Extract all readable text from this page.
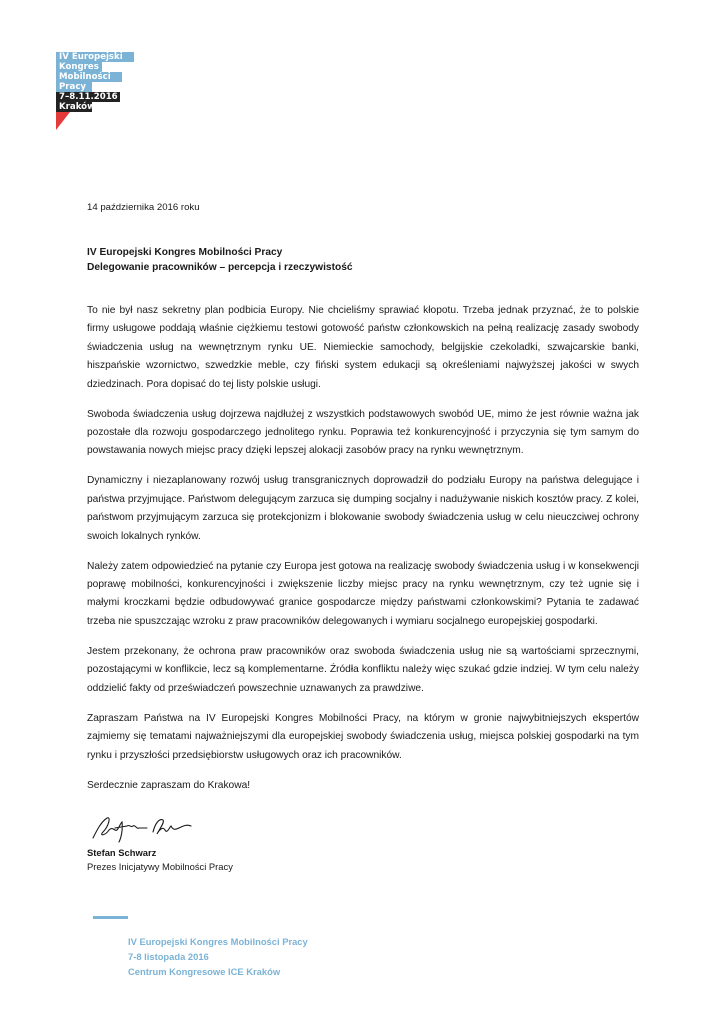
IV Europejski
Kongres
Mobilności
Pracy
7–8.11.2016
Kraków
14 października 2016 roku
IV Europejski Kongres Mobilności Pracy
Delegowanie pracowników – percepcja i rzeczywistość

To nie był nasz sekretny plan podbicia Europy. Nie chcieliśmy sprawiać kłopotu. Trzeba jednak przyznać, że to polskie firmy usługowe poddają właśnie ciężkiemu testowi gotowość państw członkowskich na pełną realizację zasady swobody świadczenia usług na wewnętrznym rynku UE. Niemieckie samochody, belgijskie czekoladki, szwajcarskie banki, hiszpańskie wzornictwo, szwedzkie meble, czy fiński system edukacji są określeniami najwyższej jakości w swych dziedzinach. Pora dopisać do tej listy polskie usługi.

Swoboda świadczenia usług dojrzewa najdłużej z wszystkich podstawowych swobód UE, mimo że jest równie ważna jak pozostałe dla rozwoju gospodarczego jednolitego rynku. Poprawia też konkurencyjność i przyczynia się tym samym do powstawania nowych miejsc pracy dzięki lepszej alokacji zasobów pracy na rynku wewnętrznym.

Dynamiczny i niezaplanowany rozwój usług transgranicznych doprowadził do podziału Europy na państwa delegujące i państwa przyjmujące. Państwom delegującym zarzuca się dumping socjalny i nadużywanie niskich kosztów pracy. Z kolei, państwom przyjmującym zarzuca się protekcjonizm i blokowanie swobody świadczenia usług w celu nieuczciwej ochrony swoich lokalnych rynków.

Należy zatem odpowiedzieć na pytanie czy Europa jest gotowa na realizację swobody świadczenia usług i w konsekwencji poprawę mobilności, konkurencyjności i zwiększenie liczby miejsc pracy na rynku wewnętrznym, czy też ugnie się i małymi kroczkami będzie odbudowywać granice gospodarcze między państwami członkowskimi? Pytania te zadawać trzeba nie spuszczając wzroku z praw pracowników delegowanych i wymiaru socjalnego europejskiej gospodarki.

Jestem przekonany, że ochrona praw pracowników oraz swoboda świadczenia usług nie są wartościami sprzecznymi, pozostającymi w konflikcie, lecz są komplementarne. Źródła konfliktu należy więc szukać gdzie indziej. W tym celu należy oddzielić fakty od przeświadczeń powszechnie uznawanych za prawdziwe.

Zapraszam Państwa na IV Europejski Kongres Mobilności Pracy, na którym w gronie najwybitniejszych ekspertów zajmiemy się tematami najważniejszymi dla europejskiej swobody świadczenia usług, miejsca polskiej gospodarki na tym rynku i przyszłości przedsiębiorstw usługowych oraz ich pracowników.

Serdecznie zapraszam do Krakowa!

Stefan Schwarz
Prezes Inicjatywy Mobilności Pracy
IV Europejski Kongres Mobilności Pracy
7-8 listopada 2016
Centrum Kongresowe ICE Kraków
